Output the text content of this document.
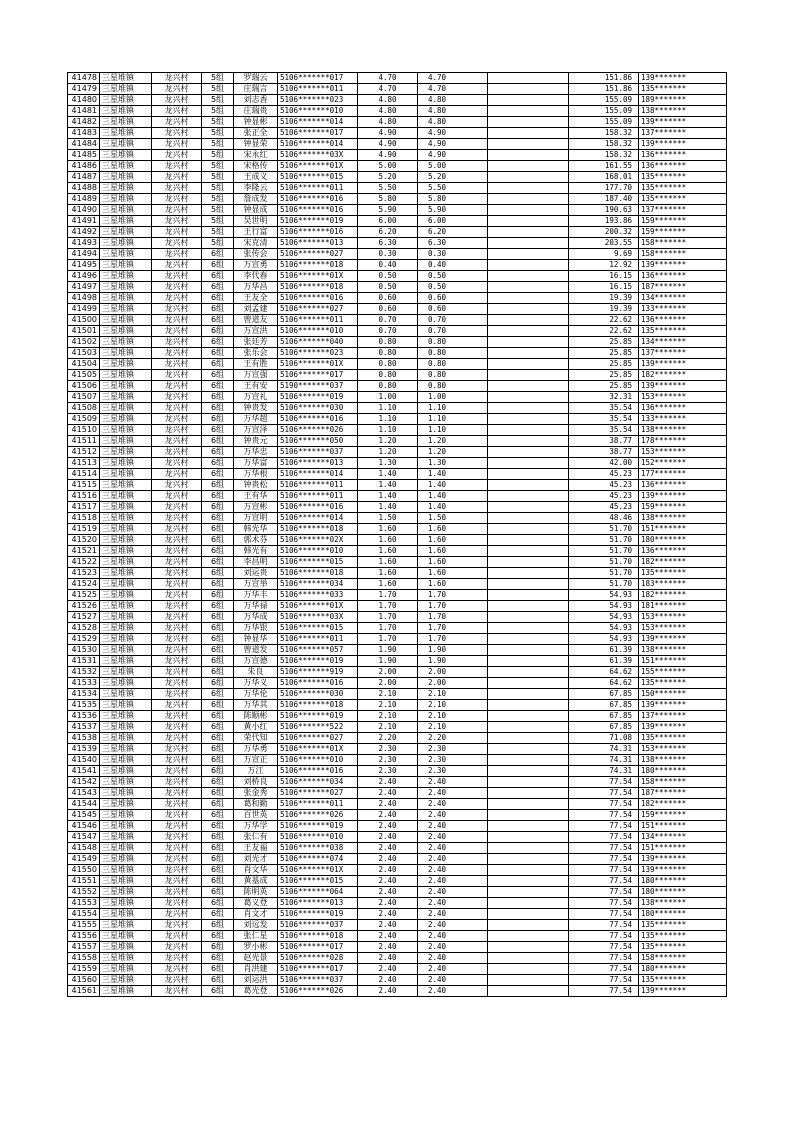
41478	三星堆镇	龙兴村	5组	罗瑞云	5106*******017	4.70	4.70		151.86	139*******
41479	三星堆镇	龙兴村	5组	庄瑞言	5106*******011	4.70	4.70		151.86	135*******
41480	三星堆镇	龙兴村	5组	刘志香	5106*******023	4.80	4.80		155.09	189*******
41481	三星堆镇	龙兴村	5组	庄瑞贵	5106*******010	4.80	4.80		155.09	138*******
41482	三星堆镇	龙兴村	5组	钟显彬	5106*******014	4.80	4.80		155.09	139*******
41483	三星堆镇	龙兴村	5组	张正全	5106*******017	4.90	4.90		158.32	137*******
41484	三星堆镇	龙兴村	5组	钟显荣	5106*******014	4.90	4.90		158.32	139*******
41485	三星堆镇	龙兴村	5组	宋永红	5106*******03X	4.90	4.90		158.32	136*******
41486	三星堆镇	龙兴村	5组	宋格传	5106*******01X	5.00	5.00		161.55	136*******
41487	三星堆镇	龙兴村	5组	王成义	5106*******015	5.20	5.20		168.01	135*******
41488	三星堆镇	龙兴村	5组	李隆云	5106*******011	5.50	5.50		177.70	135*******
41489	三星堆镇	龙兴村	5组	詹成发	5106*******016	5.80	5.80		187.40	135*******
41490	三星堆镇	龙兴村	5组	钟显成	5106*******016	5.90	5.90		190.63	137*******
41491	三星堆镇	龙兴村	5组	吴世明	5106*******019	6.00	6.00		193.86	159*******
41492	三星堆镇	龙兴村	5组	王行富	5106*******016	6.20	6.20		200.32	159*******
41493	三星堆镇	龙兴村	5组	宋克清	5106*******013	6.30	6.30		203.55	158*******
41494	三星堆镇	龙兴村	6组	张传会	5106*******027	0.30	0.30		9.69	158*******
41495	三星堆镇	龙兴村	6组	万宣勇	5106*******018	0.40	0.40		12.92	139*******
41496	三星堆镇	龙兴村	6组	李代春	5106*******01X	0.50	0.50		16.15	136*******
41497	三星堆镇	龙兴村	6组	万华昌	5106*******018	0.50	0.50		16.15	187*******
41498	三星堆镇	龙兴村	6组	王友全	5106*******016	0.60	0.60		19.39	134*******
41499	三星堆镇	龙兴村	6组	刘孟建	5106*******027	0.60	0.60		19.39	133*******
41500	三星堆镇	龙兴村	6组	曾道友	5106*******011	0.70	0.70		22.62	136*******
41501	三星堆镇	龙兴村	6组	万宣洪	5106*******010	0.70	0.70		22.62	135*******
41502	三星堆镇	龙兴村	6组	张廷芳	5106*******040	0.80	0.80		25.85	134*******
41503	三星堆镇	龙兴村	6组	张乐会	5106*******023	0.80	0.80		25.85	137*******
41504	三星堆镇	龙兴村	6组	王有胜	5106*******01X	0.80	0.80		25.85	139*******
41505	三星堆镇	龙兴村	6组	万宣强	5106*******017	0.80	0.80		25.85	182*******
41506	三星堆镇	龙兴村	6组	王有安	5190*******037	0.80	0.80		25.85	139*******
41507	三星堆镇	龙兴村	6组	万宣礼	5106*******019	1.00	1.00		32.31	153*******
41508	三星堆镇	龙兴村	6组	钟贵发	5106*******030	1.10	1.10		35.54	136*******
41509	三星堆镇	龙兴村	6组	万华超	5106*******016	1.10	1.10		35.54	133*******
41510	三星堆镇	龙兴村	6组	万宣泽	5106*******026	1.10	1.10		35.54	138*******
41511	三星堆镇	龙兴村	6组	钟贵元	5106*******050	1.20	1.20		38.77	178*******
41512	三星堆镇	龙兴村	6组	万华忠	5106*******037	1.20	1.20		38.77	153*******
41513	三星堆镇	龙兴村	6组	万华富	5106*******013	1.30	1.30		42.00	152*******
41514	三星堆镇	龙兴村	6组	万华根	5106*******014	1.40	1.40		45.23	177*******
41515	三星堆镇	龙兴村	6组	钟贵松	5106*******011	1.40	1.40		45.23	136*******
41516	三星堆镇	龙兴村	6组	王有华	5106*******011	1.40	1.40		45.23	139*******
41517	三星堆镇	龙兴村	6组	万宣彬	5106*******016	1.40	1.40		45.23	159*******
41518	三星堆镇	龙兴村	6组	万宣明	5106*******014	1.50	1.50		48.46	138*******
41519	三星堆镇	龙兴村	6组	韩光华	5106*******018	1.60	1.60		51.70	151*******
41520	三星堆镇	龙兴村	6组	郭术芬	5106*******02X	1.60	1.60		51.70	180*******
41521	三星堆镇	龙兴村	6组	韩光有	5106*******010	1.60	1.60		51.70	136*******
41522	三星堆镇	龙兴村	6组	李昌明	5106*******015	1.60	1.60		51.70	182*******
41523	三星堆镇	龙兴村	6组	刘运贵	5106*******018	1.60	1.60		51.70	135*******
41524	三星堆镇	龙兴村	6组	万宣举	5106*******034	1.60	1.60		51.70	183*******
41525	三星堆镇	龙兴村	6组	万华丰	5106*******033	1.70	1.70		54.93	182*******
41526	三星堆镇	龙兴村	6组	万华禄	5106*******01X	1.70	1.70		54.93	181*******
41527	三星堆镇	龙兴村	6组	万华成	5106*******03X	1.70	1.70		54.93	153*******
41528	三星堆镇	龙兴村	6组	万华银	5106*******015	1.70	1.70		54.93	153*******
41529	三星堆镇	龙兴村	6组	钟显华	5106*******011	1.70	1.70		54.93	139*******
41530	三星堆镇	龙兴村	6组	曾道发	5106*******057	1.90	1.90		61.39	138*******
41531	三星堆镇	龙兴村	6组	万宣德	5106*******019	1.90	1.90		61.39	151*******
41532	三星堆镇	龙兴村	6组	朱良	5106*******919	2.00	2.00		64.62	155*******
41533	三星堆镇	龙兴村	6组	万华义	5106*******016	2.00	2.00		64.62	135*******
41534	三星堆镇	龙兴村	6组	万华伦	5106*******030	2.10	2.10		67.85	150*******
41535	三星堆镇	龙兴村	6组	万华其	5106*******018	2.10	2.10		67.85	139*******
41536	三星堆镇	龙兴村	6组	陈顺彬	5106*******019	2.10	2.10		67.85	137*******
41537	三星堆镇	龙兴村	6组	黄小红	5106*******522	2.10	2.10		67.85	139*******
41538	三星堆镇	龙兴村	6组	荣代知	5106*******027	2.20	2.20		71.08	135*******
41539	三星堆镇	龙兴村	6组	万华勇	5106*******01X	2.30	2.30		74.31	153*******
41540	三星堆镇	龙兴村	6组	万宣正	5106*******010	2.30	2.30		74.31	138*******
41541	三星堆镇	龙兴村	6组	万江	5106*******016	2.30	2.30		74.31	180*******
41542	三星堆镇	龙兴村	6组	刘桥良	5106*******034	2.40	2.40		77.54	158*******
41543	三星堆镇	龙兴村	6组	张金秀	5106*******027	2.40	2.40		77.54	187*******
41544	三星堆镇	龙兴村	6组	葛和勤	5106*******011	2.40	2.40		77.54	182*******
41545	三星堆镇	龙兴村	6组	百世英	5106*******026	2.40	2.40		77.54	159*******
41546	三星堆镇	龙兴村	6组	万华学	5106*******019	2.40	2.40		77.54	151*******
41547	三星堆镇	龙兴村	6组	张仁有	5106*******010	2.40	2.40		77.54	134*******
41548	三星堆镇	龙兴村	6组	王友福	5106*******038	2.40	2.40		77.54	151*******
41549	三星堆镇	龙兴村	6组	刘光才	5106*******074	2.40	2.40		77.54	139*******
41550	三星堆镇	龙兴村	6组	肖文华	5106*******01X	2.40	2.40		77.54	139*******
41551	三星堆镇	龙兴村	6组	黄基成	5106*******015	2.40	2.40		77.54	180*******
41552	三星堆镇	龙兴村	6组	陈明英	5106*******064	2.40	2.40		77.54	180*******
41553	三星堆镇	龙兴村	6组	葛义登	5106*******013	2.40	2.40		77.54	138*******
41554	三星堆镇	龙兴村	6组	肖文才	5106*******019	2.40	2.40		77.54	180*******
41555	三星堆镇	龙兴村	6组	刘远发	5106*******037	2.40	2.40		77.54	135*******
41556	三星堆镇	龙兴村	6组	张仁星	5106*******018	2.40	2.40		77.54	135*******
41557	三星堆镇	龙兴村	6组	罗小彬	5106*******017	2.40	2.40		77.54	135*******
41558	三星堆镇	龙兴村	6组	赵光景	5106*******028	2.40	2.40		77.54	158*******
41559	三星堆镇	龙兴村	6组	肖洪建	5106*******017	2.40	2.40		77.54	180*******
41560	三星堆镇	龙兴村	6组	刘运洪	5106*******037	2.40	2.40		77.54	135*******
41561	三星堆镇	龙兴村	6组	葛光登	5106*******026	2.40	2.40		77.54	139*******
